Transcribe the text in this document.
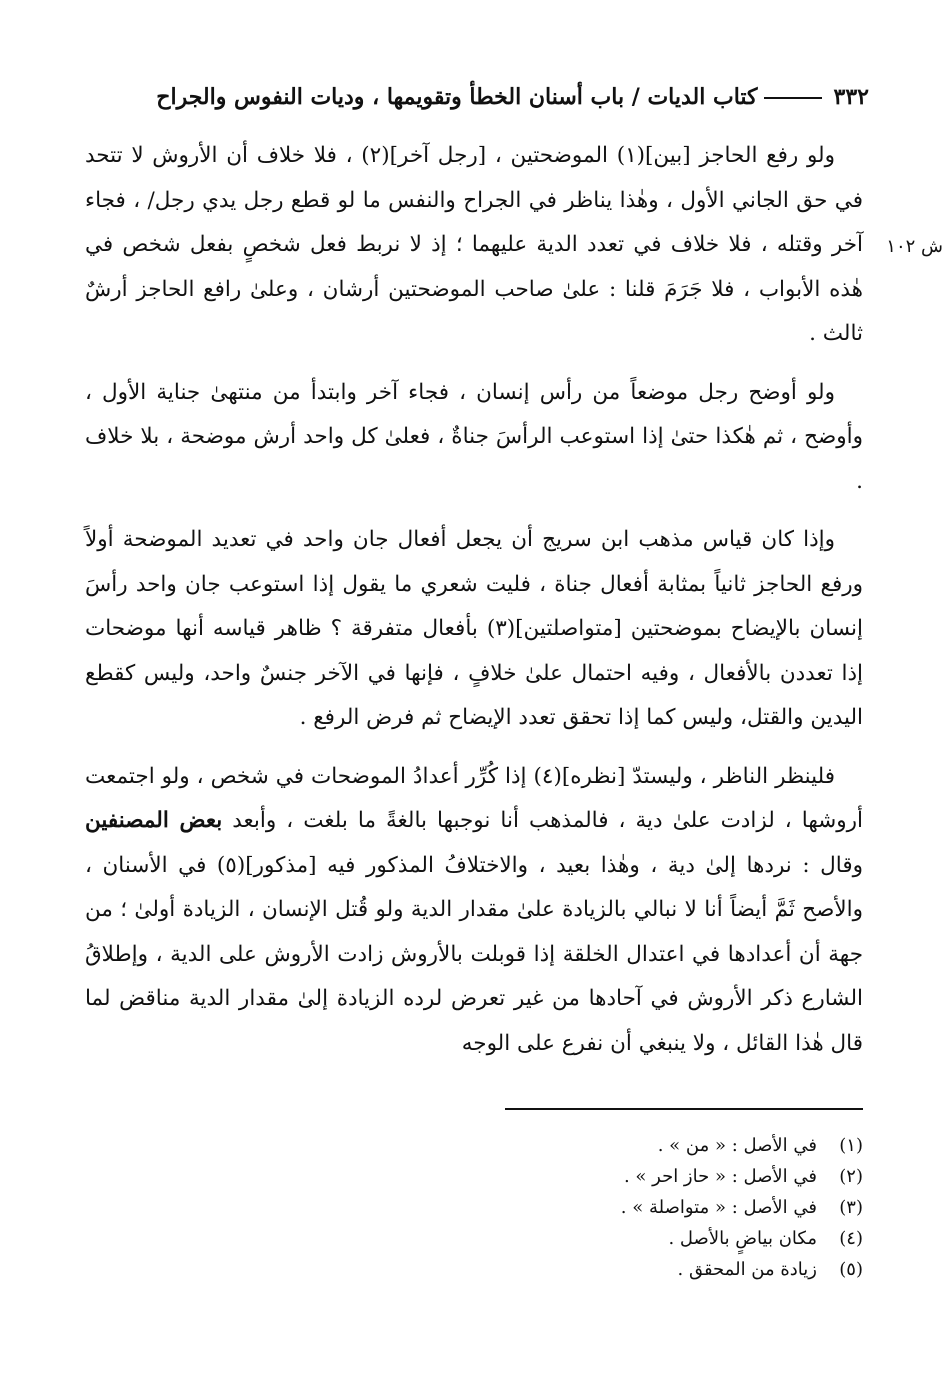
٣٣٢كتاب الديات / باب أسنان الخطأ وتقويمها ، وديات النفوس والجراح
ش ١٠٢

ولو رفع الحاجز [بين](١) الموضحتين ، [رجل آخر](٢) ، فلا خلاف أن الأروش لا تتحد في حق الجاني الأول ، وهٰذا يناظر في الجراح والنفس ما لو قطع رجل يدي رجل/ ، فجاء آخر وقتله ، فلا خلاف في تعدد الدية عليهما ؛ إذ لا نربط فعل شخصٍ بفعل شخص في هٰذه الأبواب ، فلا جَرَمَ قلنا : علىٰ صاحب الموضحتين أرشان ، وعلىٰ رافع الحاجز أرشٌ ثالث .

ولو أوضح رجل موضعاً من رأس إنسان ، فجاء آخر وابتدأ من منتهىٰ جناية الأول ، وأوضح ، ثم هٰكذا حتىٰ إذا استوعب الرأسَ جناةٌ ، فعلىٰ كل واحد أرش موضحة ، بلا خلاف .

وإذا كان قياس مذهب ابن سريج أن يجعل أفعال جان واحد في تعديد الموضحة أولاً ورفع الحاجز ثانياً بمثابة أفعال جناة ، فليت شعري ما يقول إذا استوعب جان واحد رأسَ إنسان بالإيضاح بموضحتين [متواصلتين](٣) بأفعال متفرقة ؟ ظاهر قياسه أنها موضحات إذا تعددن بالأفعال ، وفيه احتمال علىٰ خلافٍ ، فإنها في الآخر جنسٌ واحد، وليس كقطع اليدين والقتل، وليس كما إذا تحقق تعدد الإيضاح ثم فرض الرفع .

فلينظر الناظر ، وليستدّ [نظره](٤) إذا كُرِّر أعدادُ الموضحات في شخص ، ولو اجتمعت أروشها ، لزادت علىٰ دية ، فالمذهب أنا نوجبها بالغةً ما بلغت ، وأبعد بعض المصنفين وقال : نردها إلىٰ دية ، وهٰذا بعيد ، والاختلافُ المذكور فيه [مذكور](٥) في الأسنان ، والأصح ثَمَّ أيضاً أنا لا نبالي بالزيادة علىٰ مقدار الدية ولو قُتل الإنسان ، الزيادة أولىٰ ؛ من جهة أن أعدادها في اعتدال الخلقة إذا قوبلت بالأروش زادت الأروش على الدية ، وإطلاقُ الشارع ذكر الأروش في آحادها من غير تعرض لرده الزيادة إلىٰ مقدار الدية مناقض لما قال هٰذا القائل ، ولا ينبغي أن نفرع على الوجه

(١)في الأصل : « من » .
(٢)في الأصل : « حاز احر » .
(٣)في الأصل : « متواصلة » .
(٤)مكان بياضٍ بالأصل .
(٥)زيادة من المحقق .
